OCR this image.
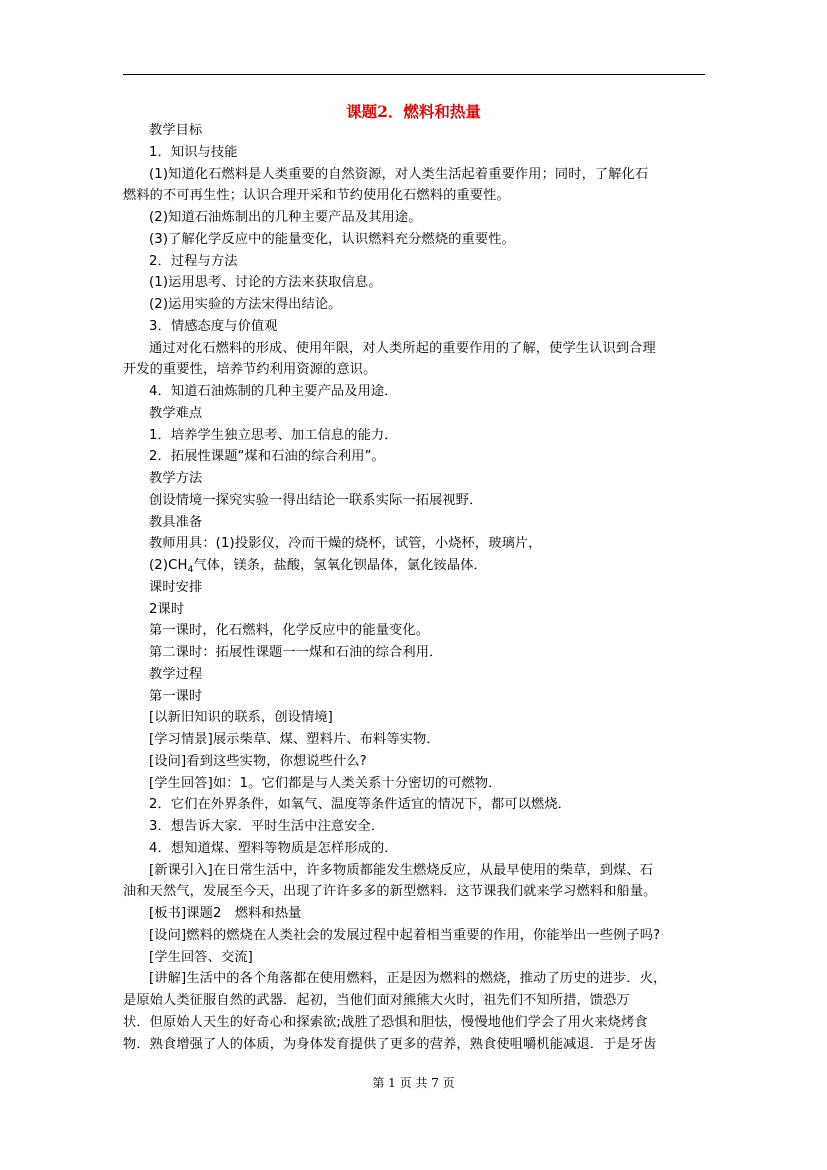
课题2．燃料和热量
教学目标
1．知识与技能
(1)知道化石燃料是人类重要的自然资源，对人类生活起着重要作用；同时，了解化石
燃料的不可再生性；认识合理开采和节约使用化石燃料的重要性。
(2)知道石油炼制出的几种主要产品及其用途。
(3)了解化学反应中的能量变化，认识燃料充分燃烧的重要性。
2．过程与方法
(1)运用思考、讨论的方法来获取信息。
(2)运用实验的方法宋得出结论。
3．情感态度与价值观
通过对化石燃料的形成、使用年限，对人类所起的重要作用的了解，使学生认识到合理
开发的重要性，培养节约利用资源的意识。
4．知道石油炼制的几种主要产品及用途．
教学难点
1．培养学生独立思考、加工信息的能力．
2．拓展性课题“煤和石油的综合利用”。
教学方法
创设情境一探究实验一得出结论一联系实际一拓展视野．
教具准备
教师用具：(1)投影仪，冷而干燥的烧杯，试管，小烧杯，玻璃片，
$(2)CH_4$气体，镁条，盐酸，氢氧化钡晶体，氯化铵晶体．
课时安排
2课时
第一课时，化石燃料，化学反应中的能量变化。
第二课时：拓展性课题一一煤和石油的综合利用．
教学过程
第一课时
[以新旧知识的联系，创设情境]
[学习情景]展示柴草、煤、塑料片、布料等实物．
[设问]看到这些实物，你想说些什么?
[学生回答]如：1。它们都是与人类关系十分密切的可燃物．
2．它们在外界条件，如氧气、温度等条件适宜的情况下，都可以燃烧．
3．想告诉大家．平时生活中注意安全．
4．想知道煤、塑料等物质是怎样形成的．
[新课引入]在日常生活中，许多物质都能发生燃烧反应，从最早使用的柴草，到煤、石
油和天然气，发展至今天，出现了许许多多的新型燃料．这节课我们就来学习燃料和船量。
[板书]课题2　燃料和热量
[设问]燃料的燃烧在人类社会的发展过程中起着相当重要的作用，你能举出一些例子吗?
[学生回答、交流]
[讲解]生活中的各个角落都在使用燃料，正是因为燃料的燃烧，推动了历史的进步．火，
是原始人类征服自然的武器．起初，当他们面对熊熊大火时，祖先们不知所措，馈恐万
状．但原始人天生的好奇心和探索欲;战胜了恐惧和胆怯，慢慢地他们学会了用火来烧烤食
物．熟食增强了人的体质，为身体发育提供了更多的营养，熟食使咀嚼机能减退．于是牙齿
第 1 页 共 7 页
